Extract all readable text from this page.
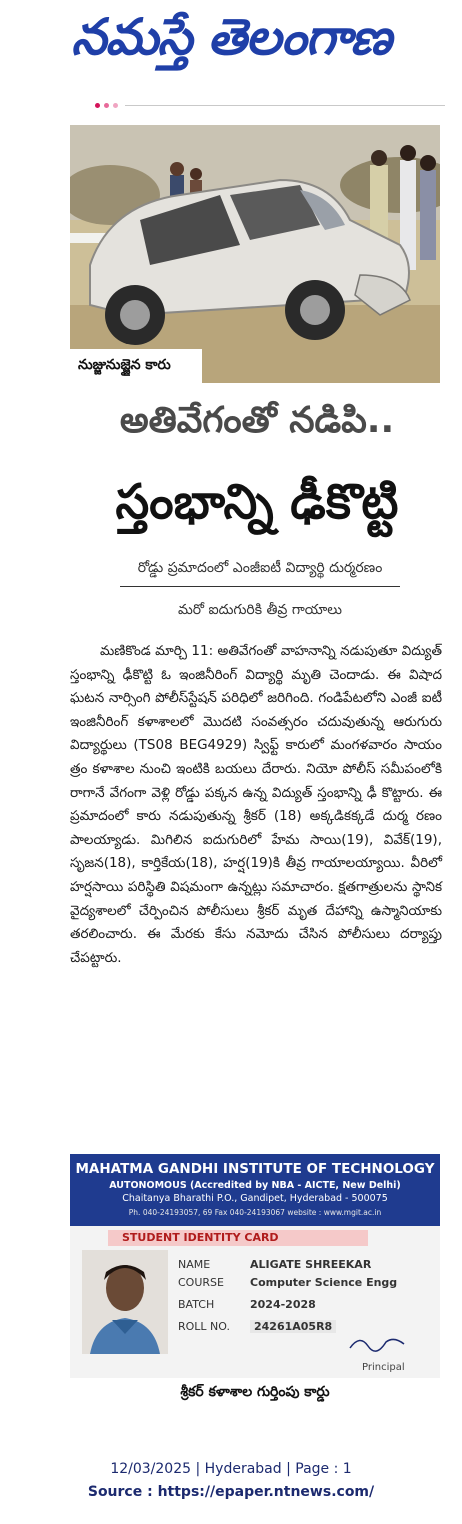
నమస్తే తెలంగాణ
నుజ్జునుజ్జైన కారు
అతివేగంతో నడిపి..
స్తంభాన్ని ఢీకొట్టి
రోడ్డు ప్రమాదంలో ఎంజీఐటీ విద్యార్థి దుర్మరణం
మరో ఐదుగురికి తీవ్ర గాయాలు

మణికొండ మార్చి 11: అతివేగంతో వాహనాన్ని నడుపుతూ విద్యుత్ స్తంభాన్ని ఢీకొట్టి ఓ ఇంజినీరింగ్ విద్యార్థి మృతి చెందాడు. ఈ విషాద ఘటన నార్సింగి పోలీస్‌స్టేషన్ పరిధిలో జరిగింది. గండిపేటలోని ఎంజీ ఐటీ ఇంజినీరింగ్ కళాశాలలో మొదటి సంవత్సరం చదువుతున్న ఆరుగురు విద్యార్థులు (TS08 BEG4929) స్విఫ్ట్ కారులో మంగళవారం సాయం త్రం కళాశాల నుంచి ఇంటికి బయలు దేరారు. నియో పోలీస్ సమీపంలోకి రాగానే వేగంగా వెళ్లి రోడ్డు పక్కన ఉన్న విద్యుత్ స్తంభాన్ని ఢీ కొట్టారు. ఈ ప్రమాదంలో కారు నడుపుతున్న శ్రీకర్ (18) అక్కడికక్కడే దుర్మ రణం పాలయ్యాడు. మిగిలిన ఐదుగురిలో హేమ సాయి(19), వివేక్(19), సృజన(18), కార్తికేయ(18), హర్ష(19)కి తీవ్ర గాయాలయ్యాయి. వీరిలో హర్షసాయి పరిస్థితి విషమంగా ఉన్నట్లు సమాచారం. క్షతగాత్రులను స్థానిక వైద్యశాలలో చేర్పించిన పోలీసులు శ్రీకర్ మృత దేహాన్ని ఉస్మానియాకు తరలించారు. ఈ మేరకు కేసు నమోదు చేసిన పోలీసులు దర్యాప్తు చేపట్టారు.

MAHATMA GANDHI INSTITUTE OF TECHNOLOGY
AUTONOMOUS (Accredited by NBA - AICTE, New Delhi)
Chaitanya Bharathi P.O., Gandipet, Hyderabad - 500075
Ph. 040-24193057, 69 Fax 040-24193067 website : www.mgit.ac.in
STUDENT IDENTITY CARD
NAME	ALIGATE SHREEKAR
COURSE	Computer Science Engg
BATCH	2024-2028
ROLL NO.	24261A05R8
Principal
శ్రీకర్ కళాశాల గుర్తింపు కార్డు
12/03/2025 | Hyderabad | Page : 1
Source : https://epaper.ntnews.com/
